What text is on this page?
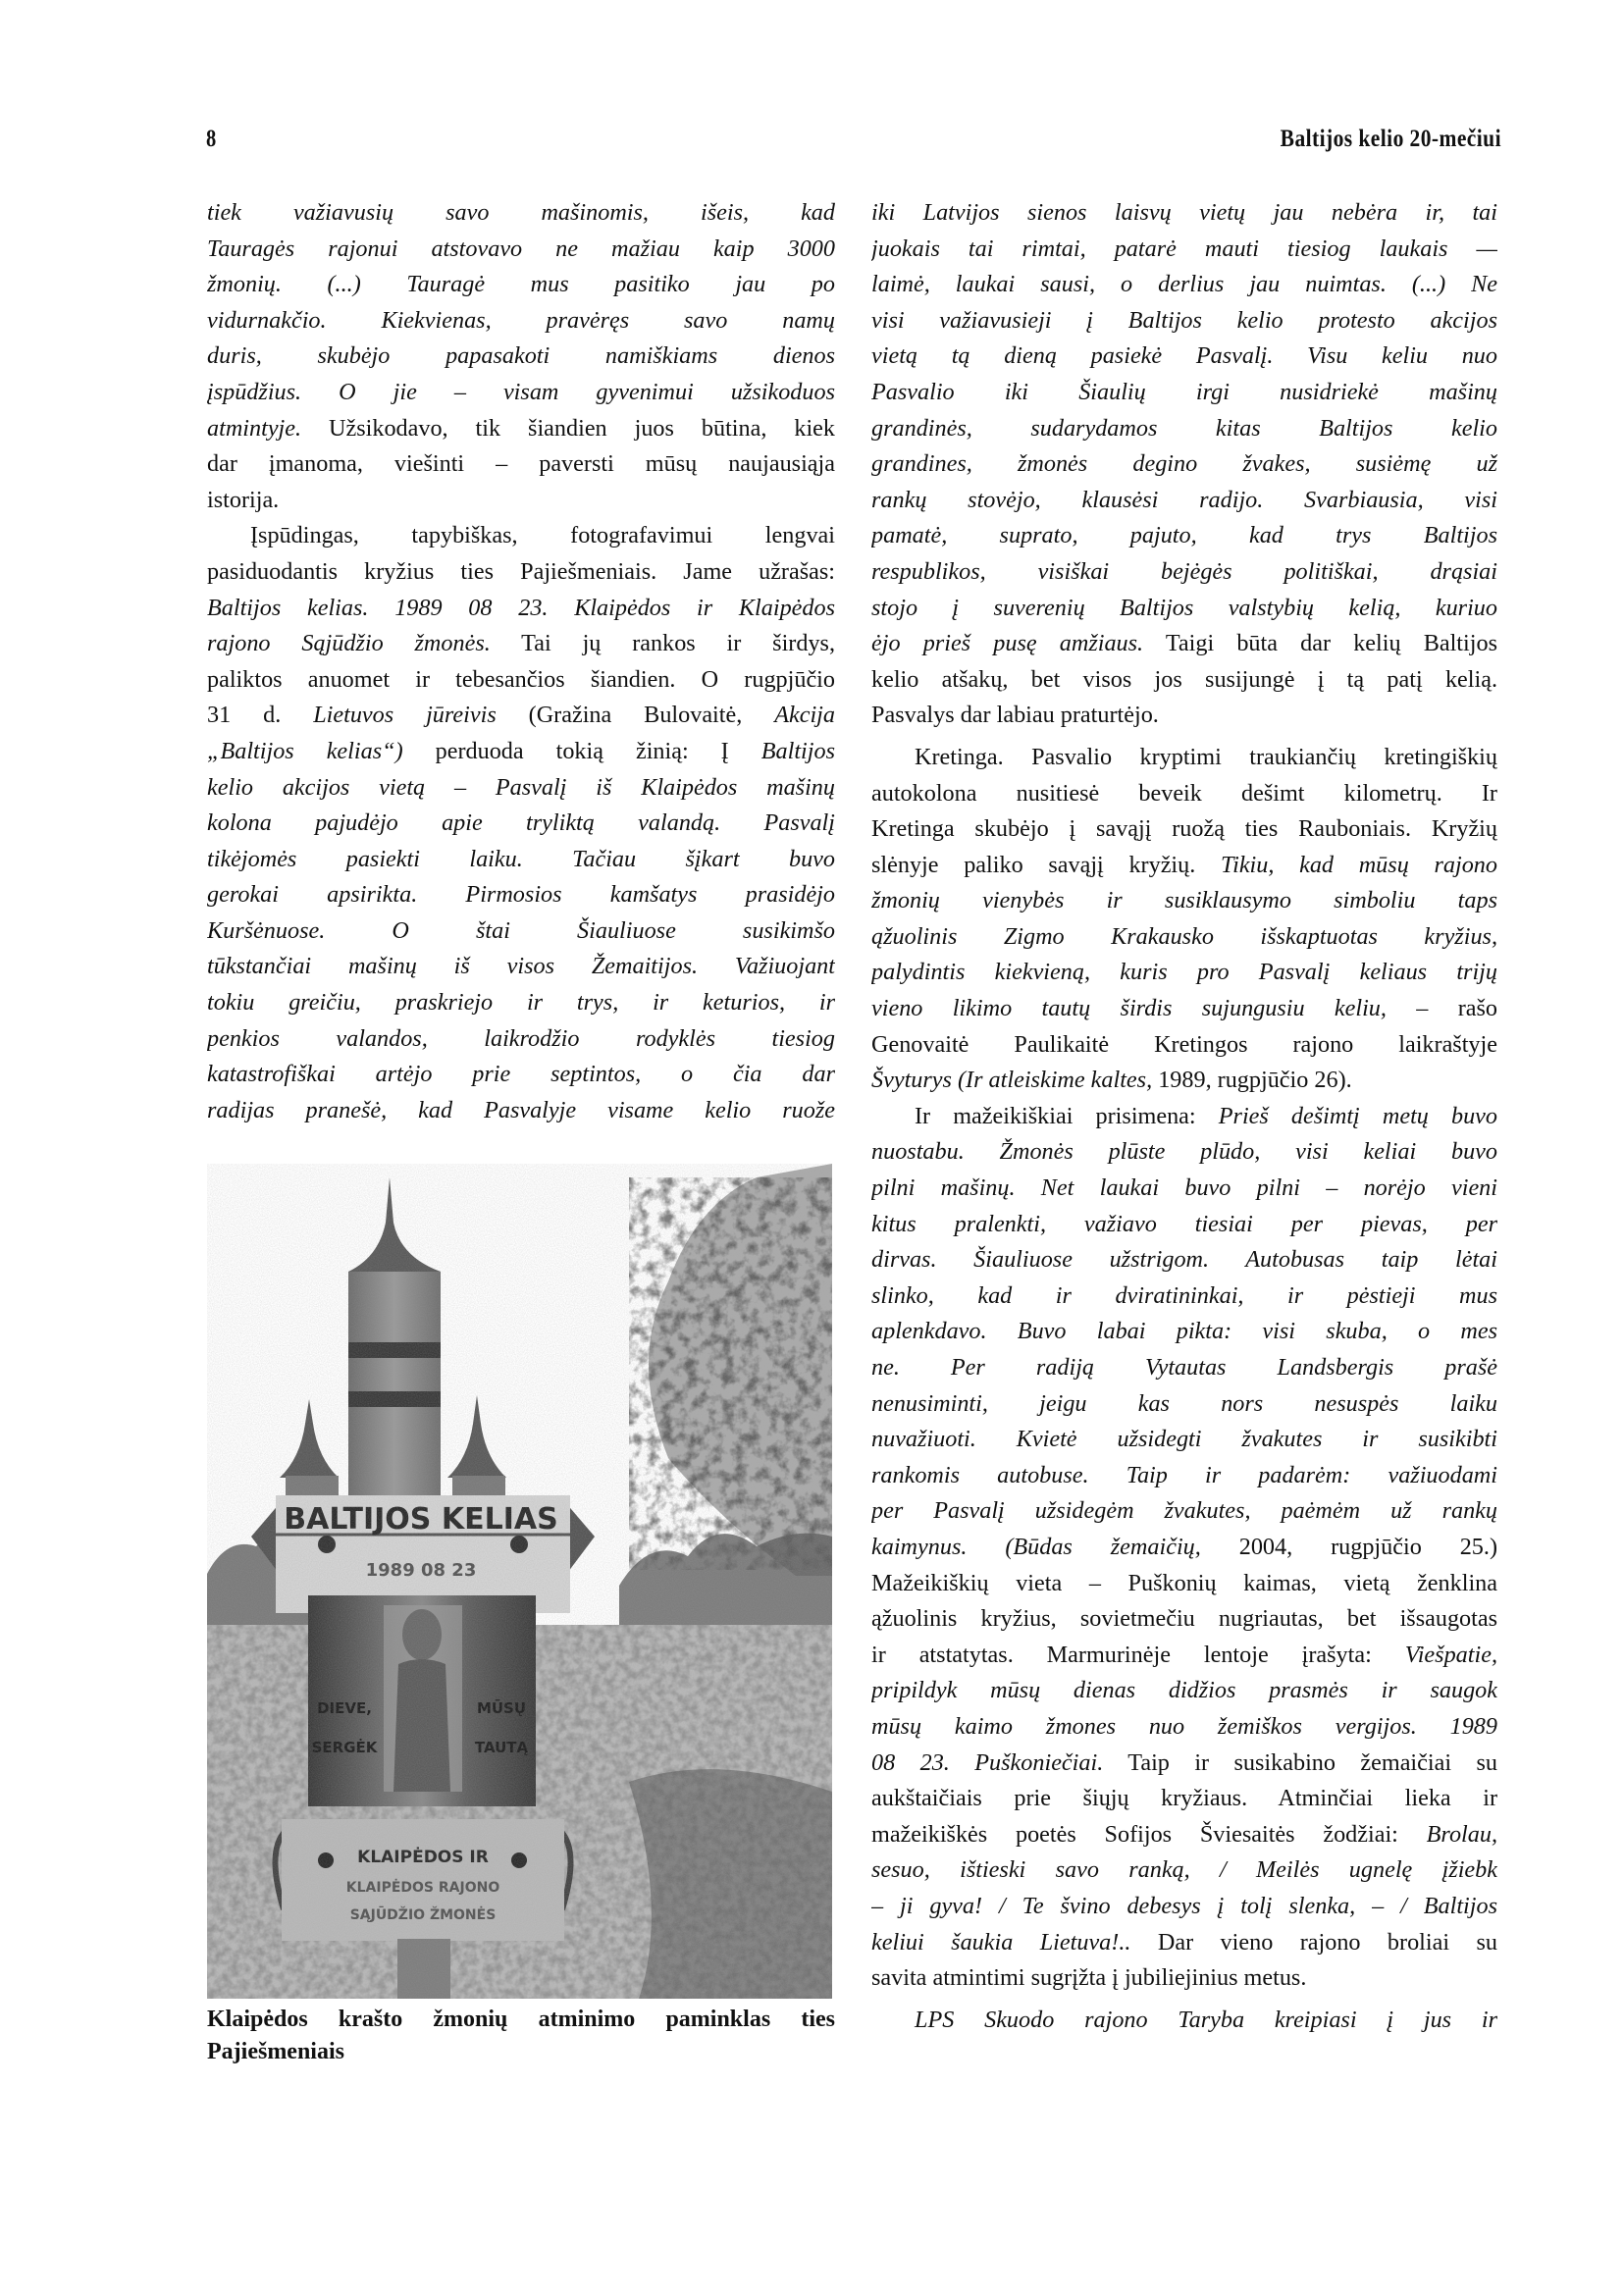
8	Baltijos kelio 20-mečiui
tiek važiavusių savo mašinomis, išeis, kad
Tauragės rajonui atstovavo ne mažiau kaip 3000
žmonių. (...) Tauragė mus pasitiko jau po
vidurnakčio. Kiekvienas, pravėręs savo namų
duris, skubėjo papasakoti namiškiams dienos
įspūdžius. O jie – visam gyvenimui užsikoduos
atmintyje. Užsikodavo, tik šiandien juos būtina, kiek
dar įmanoma, viešinti – paversti mūsų naujausiąja
istorija.
Įspūdingas, tapybiškas, fotografavimui lengvai
pasiduodantis kryžius ties Pajiešmeniais. Jame užrašas:
Baltijos kelias. 1989 08 23. Klaipėdos ir Klaipėdos
rajono Sąjūdžio žmonės. Tai jų rankos ir širdys,
paliktos anuomet ir tebesančios šiandien. O rugpjūčio
31 d. Lietuvos jūreivis (Gražina Bulovaitė, Akcija
„Baltijos kelias“) perduoda tokią žinią: Į Baltijos
kelio akcijos vietą – Pasvalį iš Klaipėdos mašinų
kolona pajudėjo apie tryliktą valandą. Pasvalį
tikėjomės pasiekti laiku. Tačiau šįkart buvo
gerokai apsirikta. Pirmosios kamšatys prasidėjo
Kuršėnuose. O štai Šiauliuose susikimšo
tūkstančiai mašinų iš visos Žemaitijos. Važiuojant
tokiu greičiu, praskriejo ir trys, ir keturios, ir
penkios valandos, laikrodžio rodyklės tiesiog
katastrofiškai artėjo prie septintos, o čia dar
radijas pranešė, kad Pasvalyje visame kelio ruože
BALTIJOS KELIAS
1989 08 23
DIEVE,
SERGĖK
MŪSŲ
TAUTĄ
KLAIPĖDOS IR
KLAIPĖDOS RAJONO
SĄJŪDŽIO ŽMONĖS
Klaipėdos krašto žmonių atminimo paminklas ties
Pajiešmeniais
iki Latvijos sienos laisvų vietų jau nebėra ir, tai
juokais tai rimtai, patarė mauti tiesiog laukais —
laimė, laukai sausi, o derlius jau nuimtas. (...) Ne
visi važiavusieji į Baltijos kelio protesto akcijos
vietą tą dieną pasiekė Pasvalį. Visu keliu nuo
Pasvalio iki Šiaulių irgi nusidriekė mašinų
grandinės, sudarydamos kitas Baltijos kelio
grandines, žmonės degino žvakes, susiėmę už
rankų stovėjo, klausėsi radijo. Svarbiausia, visi
pamatė, suprato, pajuto, kad trys Baltijos
respublikos, visiškai bejėgės politiškai, drąsiai
stojo į suverenių Baltijos valstybių kelią, kuriuo
ėjo prieš pusę amžiaus. Taigi būta dar kelių Baltijos
kelio atšakų, bet visos jos susijungė į tą patį kelią.
Pasvalys dar labiau praturtėjo.
Kretinga. Pasvalio kryptimi traukiančių kretingiškių
autokolona nusitiesė beveik dešimt kilometrų. Ir
Kretinga skubėjo į savąjį ruožą ties Rauboniais. Kryžių
slėnyje paliko savąjį kryžių. Tikiu, kad mūsų rajono
žmonių vienybės ir susiklausymo simboliu taps
ąžuolinis Zigmo Krakausko išskaptuotas kryžius,
palydintis kiekvieną, kuris pro Pasvalį keliaus trijų
vieno likimo tautų širdis sujungusiu keliu, – rašo
Genovaitė Paulikaitė Kretingos rajono laikraštyje
Švyturys (Ir atleiskime kaltes, 1989, rugpjūčio 26).
Ir mažeikiškiai prisimena: Prieš dešimtį metų buvo
nuostabu. Žmonės plūste plūdo, visi keliai buvo
pilni mašinų. Net laukai buvo pilni – norėjo vieni
kitus pralenkti, važiavo tiesiai per pievas, per
dirvas. Šiauliuose užstrigom. Autobusas taip lėtai
slinko, kad ir dviratininkai, ir pėstieji mus
aplenkdavo. Buvo labai pikta: visi skuba, o mes
ne. Per radiją Vytautas Landsbergis prašė
nenusiminti, jeigu kas nors nesuspės laiku
nuvažiuoti. Kvietė užsidegti žvakutes ir susikibti
rankomis autobuse. Taip ir padarėm: važiuodami
per Pasvalį užsidegėm žvakutes, paėmėm už rankų
kaimynus. (Būdas žemaičių, 2004, rugpjūčio 25.)
Mažeikiškių vieta – Puškonių kaimas, vietą ženklina
ąžuolinis kryžius, sovietmečiu nugriautas, bet išsaugotas
ir atstatytas. Marmurinėje lentoje įrašyta: Viešpatie,
pripildyk mūsų dienas didžios prasmės ir saugok
mūsų kaimo žmones nuo žemiškos vergijos. 1989
08 23. Puškoniečiai. Taip ir susikabino žemaičiai su
aukštaičiais prie šiųjų kryžiaus. Atminčiai lieka ir
mažeikiškės poetės Sofijos Šviesaitės žodžiai: Brolau,
sesuo, ištieski savo ranką, / Meilės ugnelę įžiebk
– ji gyva! / Te švino debesys į tolį slenka, – / Baltijos
keliui šaukia Lietuva!.. Dar vieno rajono broliai su
savita atmintimi sugrįžta į jubiliejinius metus.
LPS Skuodo rajono Taryba kreipiasi į jus ir
